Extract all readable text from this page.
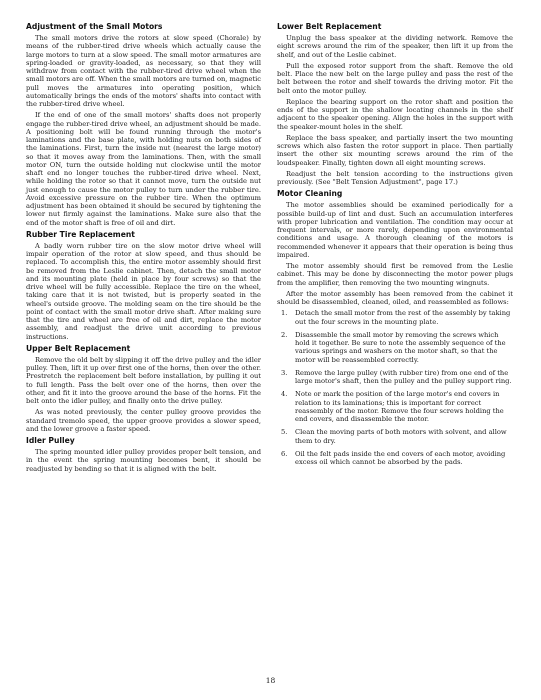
Adjustment of the Small Motors

The small motors drive the rotors at slow speed (Chorale) by means of the rubber-tired drive wheels which actually cause the large motors to turn at a slow speed. The small motor armatures are spring-loaded or gravity-loaded, as necessary, so that they will withdraw from contact with the rubber-tired drive wheel when the small motors are off. When the small motors are turned on, magnetic pull moves the armatures into operating position, which automatically brings the ends of the motors' shafts into contact with the rubber-tired drive wheel.

If the end of one of the small motors' shafts does not properly engage the rubber-tired drive wheel, an adjustment should be made. A positioning bolt will be found running through the motor's laminations and the base plate, with holding nuts on both sides of the laminations. First, turn the inside nut (nearest the large motor) so that it moves away from the laminations. Then, with the small motor ON, turn the outside holding nut clockwise until the motor shaft end no longer touches the rubber-tired drive wheel. Next, while holding the rotor so that it cannot move, turn the outside nut just enough to cause the motor pulley to turn under the rubber tire. Avoid excessive pressure on the rubber tire. When the optimum adjustment has been obtained it should be secured by tightening the lower nut firmly against the laminations. Make sure also that the end of the motor shaft is free of oil and dirt.

Rubber Tire Replacement

A badly worn rubber tire on the slow motor drive wheel will impair operation of the rotor at slow speed, and thus should be replaced. To accomplish this, the entire motor assembly should first be removed from the Leslie cabinet. Then, detach the small motor and its mounting plate (held in place by four screws) so that the drive wheel will be fully accessible. Replace the tire on the wheel, taking care that it is not twisted, but is properly seated in the wheel's outside groove. The molding seam on the tire should be the point of contact with the small motor drive shaft. After making sure that the tire and wheel are free of oil and dirt, replace the motor assembly, and readjust the drive unit according to previous instructions.

Upper Belt Replacement

Remove the old belt by slipping it off the drive pulley and the idler pulley. Then, lift it up over first one of the horns, then over the other. Prestretch the replacement belt before installation, by pulling it out to full length. Pass the belt over one of the horns, then over the other, and fit it into the groove around the base of the horns. Fit the belt onto the idler pulley, and finally onto the drive pulley.

As was noted previously, the center pulley groove provides the standard tremolo speed, the upper groove provides a slower speed, and the lower groove a faster speed.

Idler Pulley

The spring mounted idler pulley provides proper belt tension, and in the event the spring mounting becomes bent, it should be readjusted by bending so that it is aligned with the belt.

Lower Belt Replacement

Unplug the bass speaker at the dividing network. Remove the eight screws around the rim of the speaker, then lift it up from the shelf, and out of the Leslie cabinet.

Pull the exposed rotor support from the shaft. Remove the old belt. Place the new belt on the large pulley and pass the rest of the belt between the rotor and shelf towards the driving motor. Fit the belt onto the motor pulley.

Replace the bearing support on the rotor shaft and position the ends of the support in the shallow locating channels in the shelf adjacent to the speaker opening. Align the holes in the support with the speaker-mount holes in the shelf.

Replace the bass speaker, and partially insert the two mounting screws which also fasten the rotor support in place. Then partially insert the other six mounting screws around the rim of the loudspeaker. Finally, tighten down all eight mounting screws.

Readjust the belt tension according to the instructions given previously. (See "Belt Tension Adjustment", page 17.)

Motor Cleaning

The motor assemblies should be examined periodically for a possible build-up of lint and dust. Such an accumulation interferes with proper lubrication and ventilation. The condition may occur at frequent intervals, or more rarely, depending upon environmental conditions and usage. A thorough cleaning of the motors is recommended whenever it appears that their operation is being thus impaired.

The motor assembly should first be removed from the Leslie cabinet. This may be done by disconnecting the motor power plugs from the amplifier, then removing the two mounting wingnuts.

After the motor assembly has been removed from the cabinet it should be disassembled, cleaned, oiled, and reassembled as follows:

1.	Detach the small motor from the rest of the assembly by taking out the four screws in the mounting plate.
2.	Disassemble the small motor by removing the screws which hold it together. Be sure to note the assembly sequence of the various springs and washers on the motor shaft, so that the motor will be reassembled correctly.
3.	Remove the large pulley (with rubber tire) from one end of the large motor's shaft, then the pulley and the pulley support ring.
4.	Note or mark the position of the large motor's end covers in relation to its laminations; this is important for correct reassembly of the motor. Remove the four screws holding the end covers, and disassemble the motor.
5.	Clean the moving parts of both motors with solvent, and allow them to dry.
6.	Oil the felt pads inside the end covers of each motor, avoiding excess oil which cannot be absorbed by the pads.
18
